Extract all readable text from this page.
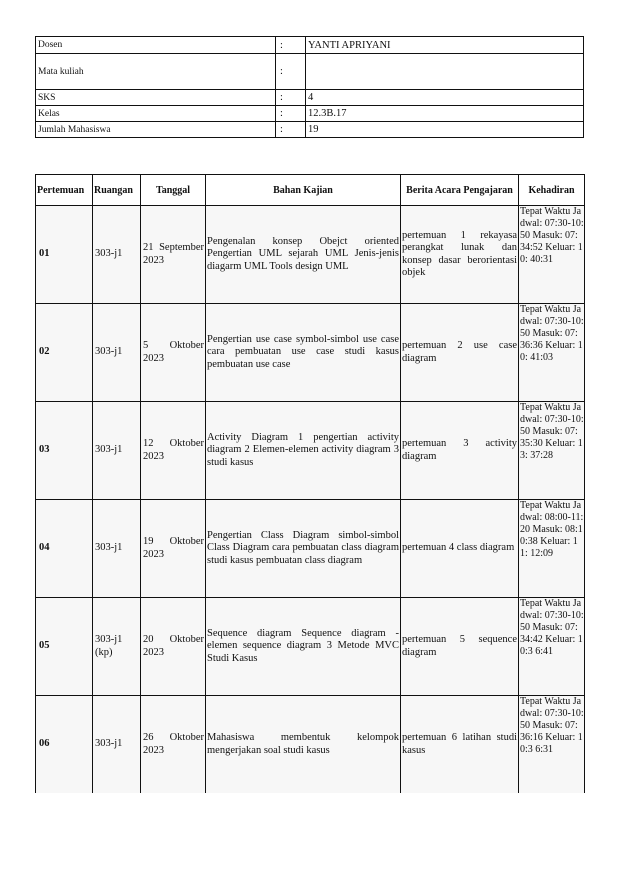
Dosen	:	YANTI APRIYANI
Mata kuliah	:	
SKS	:	4
Kelas	:	12.3B.17
Jumlah Mahasiswa	:	19
Pertemuan	Ruangan	Tanggal	Bahan Kajian	Berita Acara Pengajaran	Kehadiran
01	303-j1	21 September 2023	Pengenalan konsep Obejct oriented Pengertian UML sejarah UML Jenis-jenis diagarm UML Tools design UML	pertemuan 1 rekayasa perangkat lunak dan konsep dasar berorientasi objek	Tepat Waktu Jadwal: 07:30-10:50 Masuk: 07: 34:52 Keluar: 10: 40:31
02	303-j1	5 Oktober 2023	Pengertian use case symbol-simbol use case cara pembuatan use case studi kasus pembuatan use case	pertemuan 2 use case diagram	Tepat Waktu Jadwal: 07:30-10:50 Masuk: 07: 36:36 Keluar: 10: 41:03
03	303-j1	12 Oktober 2023	Activity Diagram 1 pengertian activity diagram 2 Elemen-elemen activity diagram 3 studi kasus	pertemuan 3 activity diagram	Tepat Waktu Jadwal: 07:30-10:50 Masuk: 07: 35:30 Keluar: 13: 37:28
04	303-j1	19 Oktober 2023	Pengertian Class Diagram simbol-simbol Class Diagram cara pembuatan class diagram studi kasus pembuatan class diagram	pertemuan 4 class diagram	Tepat Waktu Jadwal: 08:00-11:20 Masuk: 08:1 0:38 Keluar: 11: 12:09
05	303-j1 (kp)	20 Oktober 2023	Sequence diagram Sequence diagram -elemen sequence diagram 3 Metode MVC Studi Kasus	pertemuan 5 sequence diagram	Tepat Waktu Jadwal: 07:30-10:50 Masuk: 07: 34:42 Keluar: 10:3 6:41
06	303-j1	26 Oktober 2023	Mahasiswa membentuk kelompok mengerjakan soal studi kasus	pertemuan 6 latihan studi kasus	Tepat Waktu Jadwal: 07:30-10:50 Masuk: 07: 36:16 Keluar: 10:3 6:31
